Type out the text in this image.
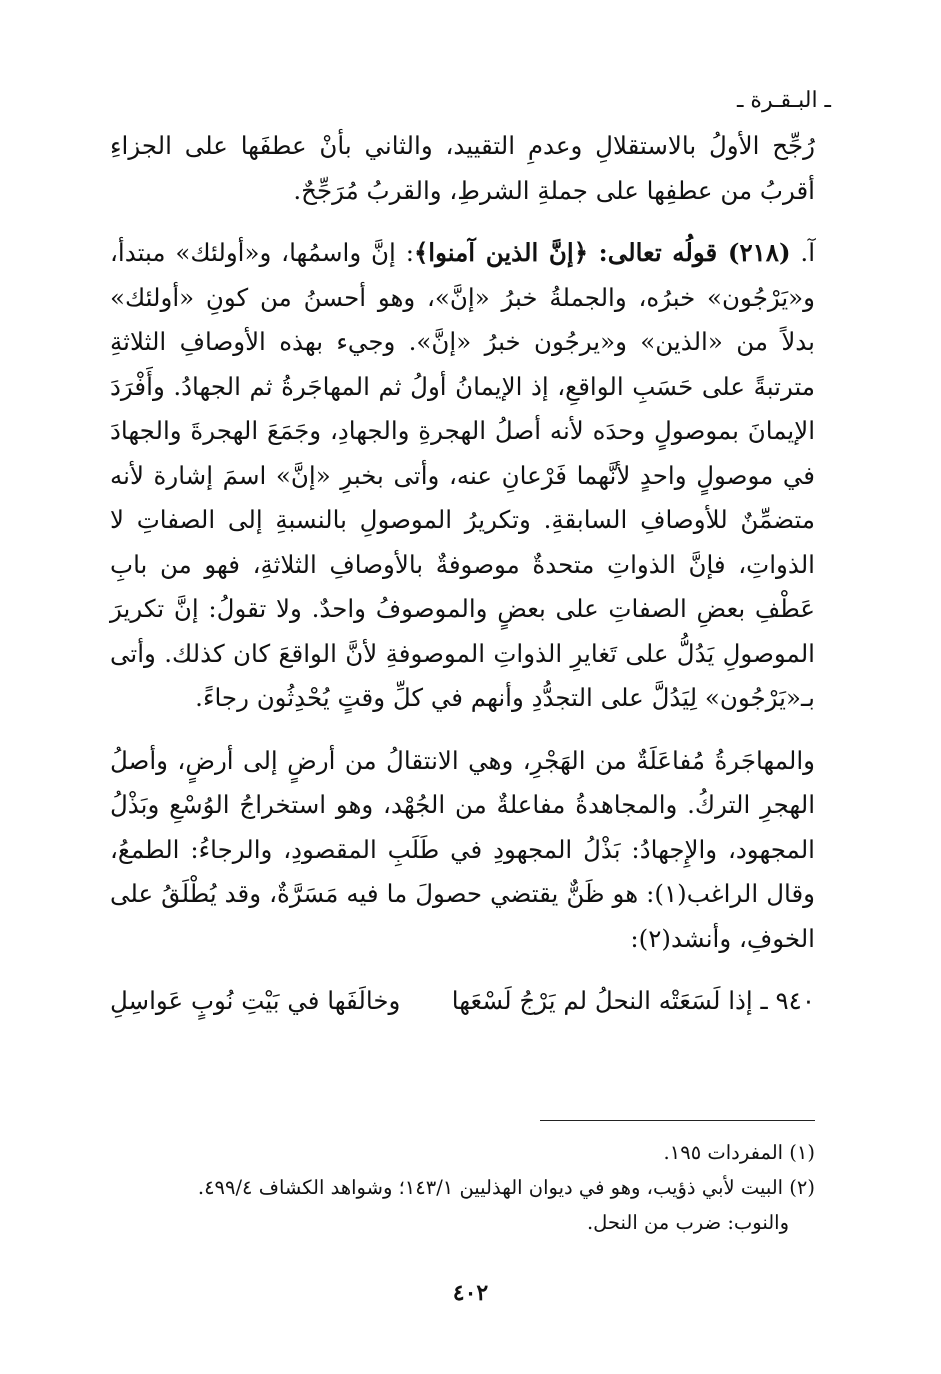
ـ البـقـرة ـ

رُجِّح الأولُ بالاستقلالِ وعدمِ التقييد، والثاني بأنْ عطفَها على الجزاءِ أقربُ من عطفِها على جملةِ الشرطِ، والقربُ مُرَجِّحٌ.

آ. (٢١٨) قولُه تعالى: ﴿إنَّ الذين آمنوا﴾: إنَّ واسمُها، و«أولئك» مبتدأ، و«يَرْجُون» خبرُه، والجملةُ خبرُ «إنَّ»، وهو أحسنُ من كونِ «أولئك» بدلاً من «الذين» و«يرجُون خبرُ «إنَّ». وجيء بهذه الأوصافِ الثلاثةِ مترتبةً على حَسَبِ الواقعِ، إذ الإيمانُ أولُ ثم المهاجَرةُ ثم الجهادُ. وأَفْرَدَ الإيمانَ بموصولٍ وحدَه لأنه أصلُ الهجرةِ والجهادِ، وجَمَعَ الهجرةَ والجهادَ في موصولٍ واحدٍ لأنَّهما فَرْعانِ عنه، وأتى بخبرِ «إنَّ» اسمَ إشارة لأنه متضمِّنٌ للأوصافِ السابقةِ. وتكريرُ الموصولِ بالنسبةِ إلى الصفاتِ لا الذواتِ، فإنَّ الذواتِ متحدةٌ موصوفةٌ بالأوصافِ الثلاثةِ، فهو من بابِ عَطْفِ بعضِ الصفاتِ على بعضٍ والموصوفُ واحدٌ. ولا تقولُ: إنَّ تكريرَ الموصولِ يَدُلُّ على تَغايرِ الذواتِ الموصوفةِ لأنَّ الواقعَ كان كذلك. وأتى بـ«يَرْجُون» لِيَدُلَّ على التجدُّدِ وأنهم في كلِّ وقتٍ يُحْدِثُون رجاءً.

والمهاجَرةُ مُفاعَلَةٌ من الهَجْرِ، وهي الانتقالُ من أرضٍ إلى أرضٍ، وأصلُ الهجرِ التركُ. والمجاهدةُ مفاعلةٌ من الجُهْد، وهو استخراجُ الوُسْعِ وبَذْلُ المجهود، والإِجهادُ: بَذْلُ المجهودِ في طَلَبِ المقصودِ، والرجاءُ: الطمعُ، وقال الراغب(١): هو ظَنٌّ يقتضي حصولَ ما فيه مَسَرَّةٌ، وقد يُطْلَقُ على الخوفِ، وأنشد(٢):

٩٤٠ ـ إذا لَسَعَتْه النحلُ لم يَرْجُ لَسْعَها
وخالَفَها في بَيْتِ نُوبٍ عَواسِلِ

(١) المفردات ١٩٥.

(٢) البيت لأبي ذؤيب، وهو في ديوان الهذليين ١٤٣/١؛ وشواهد الكشاف ٤٩٩/٤.

والنوب: ضرب من النحل.

٤٠٢
